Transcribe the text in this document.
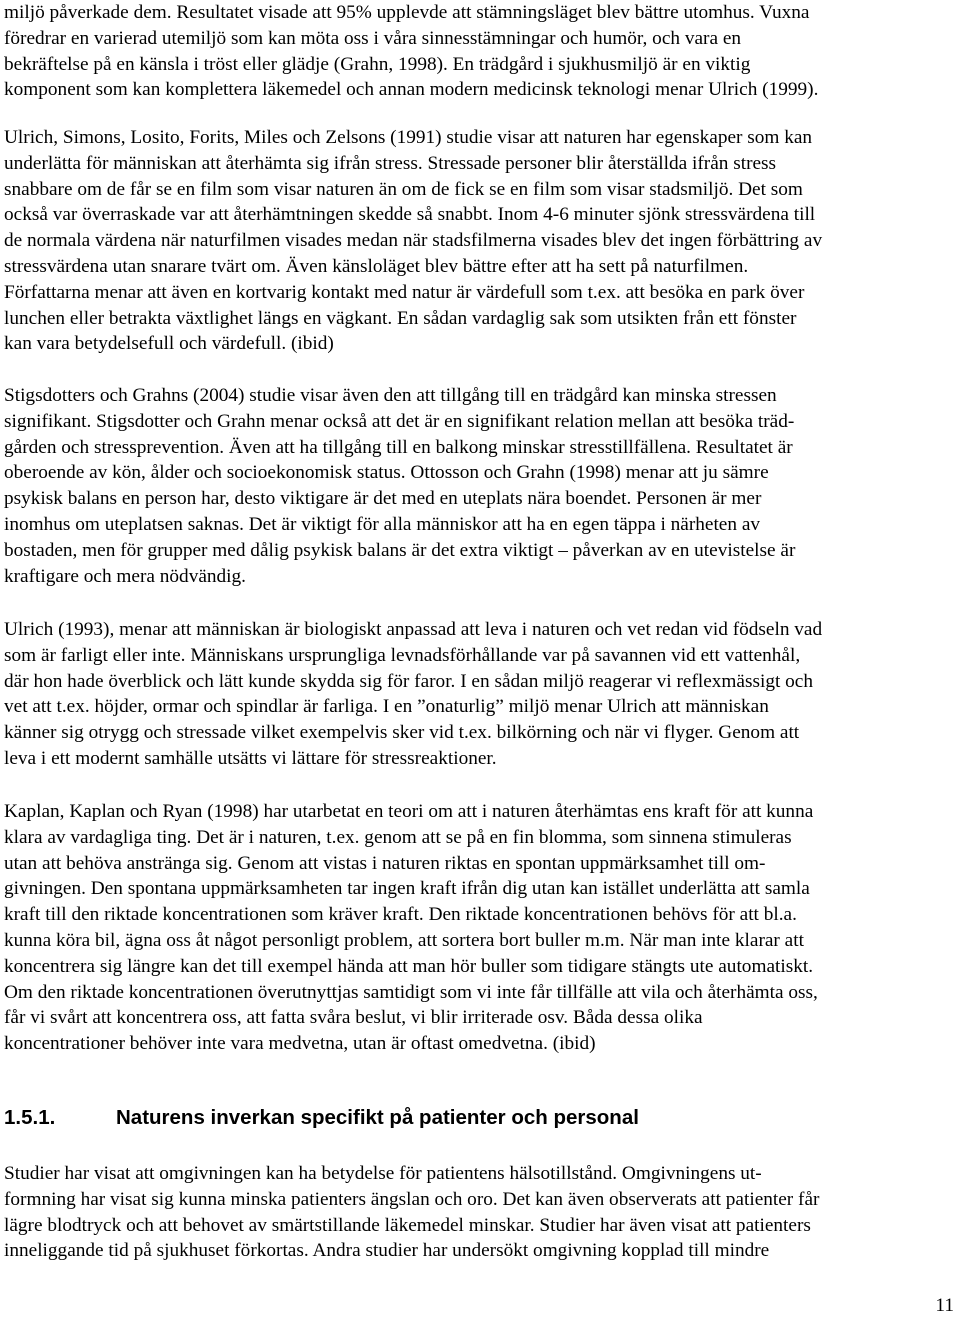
miljö påverkade dem. Resultatet visade att 95% upplevde att stämningsläget blev bättre utomhus. Vuxna
föredrar en varierad utemiljö som kan möta oss i våra sinnesstämningar och humör, och vara en
bekräftelse på en känsla i tröst eller glädje (Grahn, 1998). En trädgård i sjukhusmiljö är en viktig
komponent som kan komplettera läkemedel och annan modern medicinsk teknologi menar Ulrich (1999).
Ulrich, Simons, Losito, Forits, Miles och Zelsons (1991) studie visar att naturen har egenskaper som kan
underlätta för människan att återhämta sig ifrån stress. Stressade personer blir återställda ifrån stress
snabbare om de får se en film som visar naturen än om de fick se en film som visar stadsmiljö. Det som
också var överraskade var att återhämtningen skedde så snabbt. Inom 4-6 minuter sjönk stressvärdena till
de normala värdena när naturfilmen visades medan när stadsfilmerna visades blev det ingen förbättring av
stressvärdena utan snarare tvärt om. Även känsloläget blev bättre efter att ha sett på naturfilmen.
Författarna menar att även en kortvarig kontakt med natur är värdefull som t.ex. att besöka en park över
lunchen eller betrakta växtlighet längs en vägkant. En sådan vardaglig sak som utsikten från ett fönster
kan vara betydelsefull och värdefull. (ibid)
Stigsdotters och Grahns (2004) studie visar även den att tillgång till en trädgård kan minska stressen
signifikant. Stigsdotter och Grahn menar också att det är en signifikant relation mellan att besöka träd-
gården och stressprevention. Även att ha tillgång till en balkong minskar stresstillfällena. Resultatet är
oberoende av kön, ålder och socioekonomisk status. Ottosson och Grahn (1998) menar att ju sämre
psykisk balans en person har, desto viktigare är det med en uteplats nära boendet. Personen är mer
inomhus om uteplatsen saknas. Det är viktigt för alla människor att ha en egen täppa i närheten av
bostaden, men för grupper med dålig psykisk balans är det extra viktigt – påverkan av en utevistelse är
kraftigare och mera nödvändig.
Ulrich (1993), menar att människan är biologiskt anpassad att leva i naturen och vet redan vid födseln vad
som är farligt eller inte. Människans ursprungliga levnadsförhållande var på savannen vid ett vattenhål,
där hon hade överblick och lätt kunde skydda sig för faror. I en sådan miljö reagerar vi reflexmässigt och
vet att t.ex. höjder, ormar och spindlar är farliga. I en ”onaturlig” miljö menar Ulrich att människan
känner sig otrygg och stressade vilket exempelvis sker vid t.ex. bilkörning och när vi flyger. Genom att
leva i ett modernt samhälle utsätts vi lättare för stressreaktioner.
Kaplan, Kaplan och Ryan (1998) har utarbetat en teori om att i naturen återhämtas ens kraft för att kunna
klara av vardagliga ting. Det är i naturen, t.ex. genom att se på en fin blomma, som sinnena stimuleras
utan att behöva anstränga sig. Genom att vistas i naturen riktas en spontan uppmärksamhet till om-
givningen. Den spontana uppmärksamheten tar ingen kraft ifrån dig utan kan istället underlätta att samla
kraft till den riktade koncentrationen som kräver kraft. Den riktade koncentrationen behövs för att bl.a.
kunna köra bil, ägna oss åt något personligt problem, att sortera bort buller m.m. När man inte klarar att
koncentrera sig längre kan det till exempel hända att man hör buller som tidigare stängts ute automatiskt.
Om den riktade koncentrationen överutnyttjas samtidigt som vi inte får tillfälle att vila och återhämta oss,
får vi svårt att koncentrera oss, att fatta svåra beslut, vi blir irriterade osv. Båda dessa olika
koncentrationer behöver inte vara medvetna, utan är oftast omedvetna. (ibid)
1.5.1.	Naturens inverkan specifikt på patienter och personal
Studier har visat att omgivningen kan ha betydelse för patientens hälsotillstånd. Omgivningens ut-
formning har visat sig kunna minska patienters ängslan och oro. Det kan även observerats att patienter får
lägre blodtryck och att behovet av smärtstillande läkemedel minskar. Studier har även visat att patienters
inneliggande tid på sjukhuset förkortas. Andra studier har undersökt omgivning kopplad till mindre
11
